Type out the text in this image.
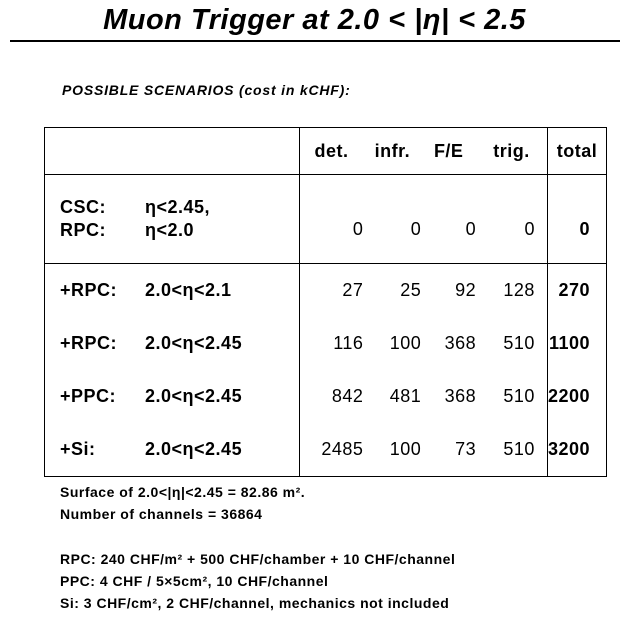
Muon Trigger at 2.0 < |η| < 2.5
POSSIBLE SCENARIOS (cost in kCHF):
	det.	infr.	F/E	trig.	total

CSC: η<2.45,
RPC: η<2.0	0	0	0	0	0

+RPC: 2.0<η<2.1	27	25	92	128	270

+RPC: 2.0<η<2.45	116	100	368	510	1100

+PPC: 2.0<η<2.45	842	481	368	510	2200

+Si: 2.0<η<2.45	2485	100	73	510	3200
Surface of 2.0<|η|<2.45 = 82.86 m².
Number of channels = 36864
RPC: 240 CHF/m² + 500 CHF/chamber + 10 CHF/channel
PPC: 4 CHF / 5×5cm², 10 CHF/channel
Si: 3 CHF/cm², 2 CHF/channel, mechanics not included
